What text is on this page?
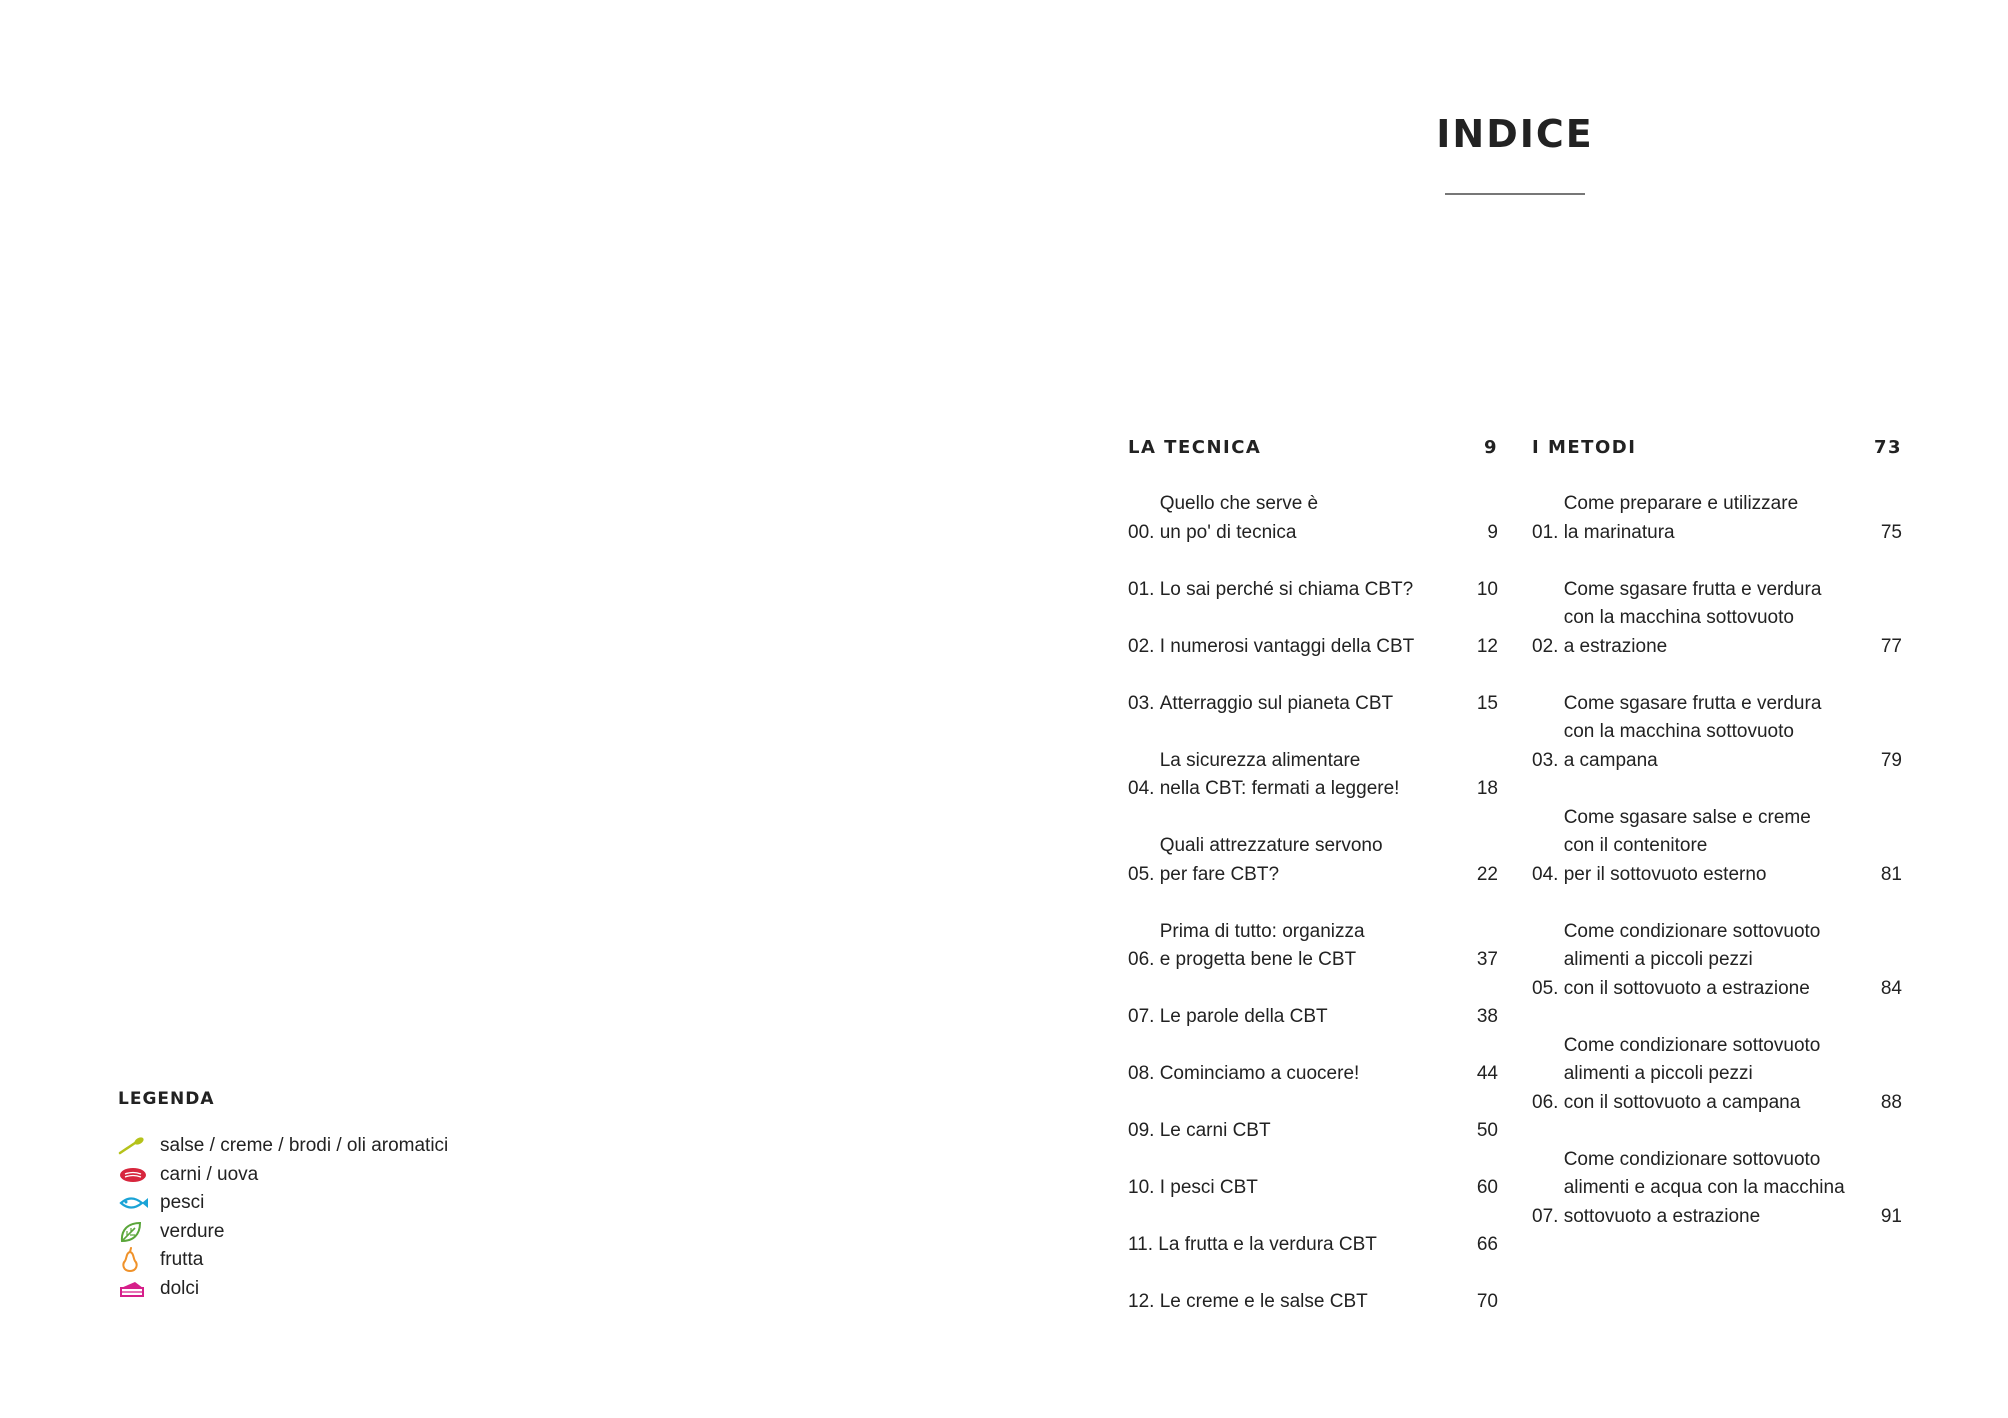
INDICE
LA TECNICA	9
00.

Quello che serve è
un po' di tecnica	9
01.
Lo sai perché si chiama CBT?	10
02.
I numerosi vantaggi della CBT	12
03.
Atterraggio sul pianeta CBT	15
04.

La sicurezza alimentare
nella CBT: fermati a leggere!	18
05.

Quali attrezzature servono
per fare CBT?	22
06.

Prima di tutto: organizza
e progetta bene le CBT	37
07.
Le parole della CBT	38
08.
Cominciamo a cuocere!	44
09.
Le carni CBT	50
10.
I pesci CBT	60
11.
La frutta e la verdura CBT	66
12.
Le creme e le salse CBT	70
I METODI	73
01.

Come preparare e utilizzare
la marinatura	75
02.

Come sgasare frutta e verdura
con la macchina sottovuoto
a estrazione	77
03.

Come sgasare frutta e verdura
con la macchina sottovuoto
a campana	79
04.

Come sgasare salse e creme
con il contenitore
per il sottovuoto esterno	81
05.

Come condizionare sottovuoto
alimenti a piccoli pezzi
con il sottovuoto a estrazione	84
06.

Come condizionare sottovuoto
alimenti a piccoli pezzi
con il sottovuoto a campana	88
07.

Come condizionare sottovuoto
alimenti e acqua con la macchina
sottovuoto a estrazione	91
LEGENDA
salse / creme / brodi / oli aromatici
carni / uova
pesci
verdure
frutta
dolci
